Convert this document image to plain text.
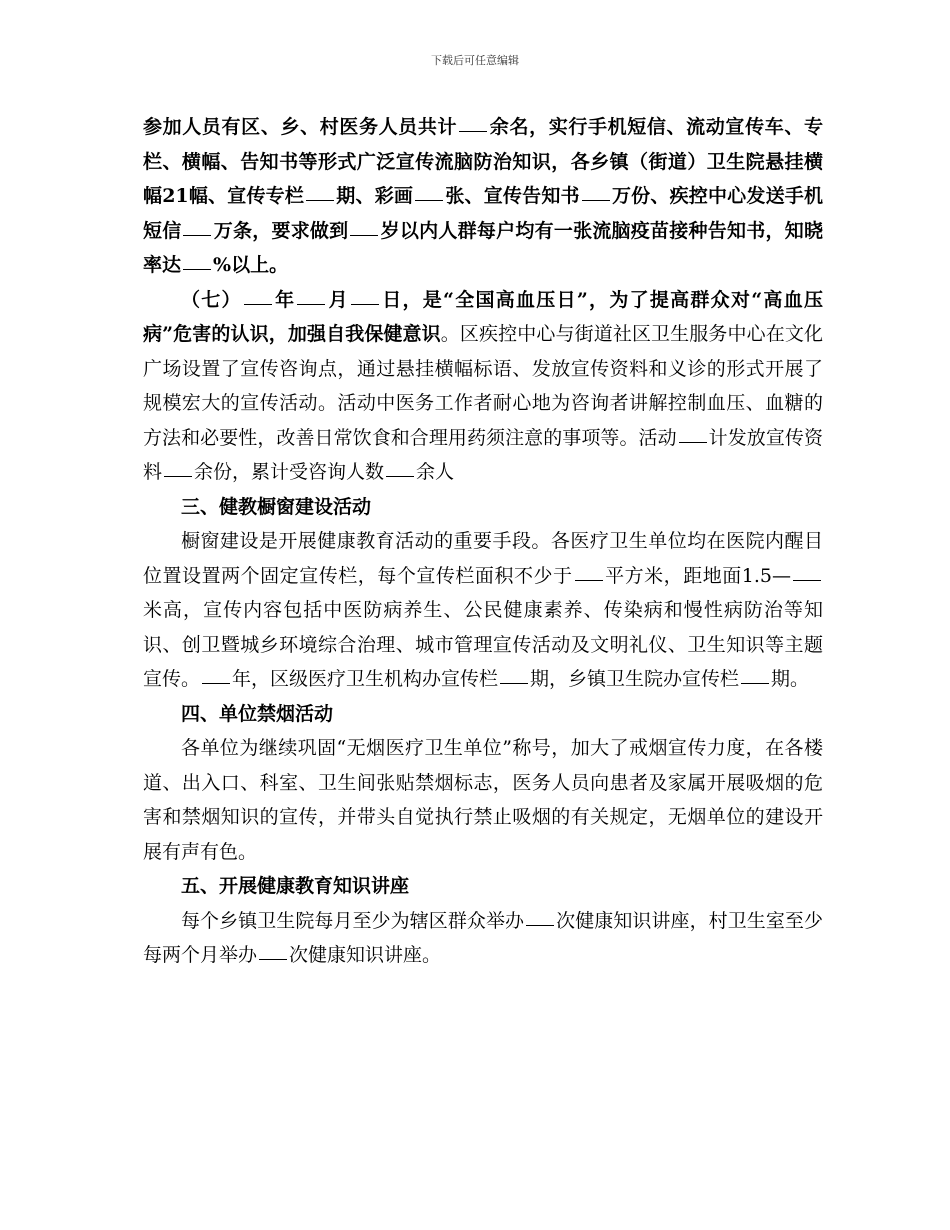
下载后可任意编辑

参加人员有区、乡、村医务人员共计 余名，实行手机短信、流动宣传车、专栏、横幅、告知书等形式广泛宣传流脑防治知识，各乡镇（街道）卫生院悬挂横幅21幅、宣传专栏 期、彩画 张、宣传告知书 万份、疾控中心发送手机短信 万条，要求做到 岁以内人群每户均有一张流脑疫苗接种告知书，知晓率达 %以上。

（七） 年 月 日，是“全国高血压日”，为了提高群众对“高血压病”危害的认识，加强自我保健意识。区疾控中心与街道社区卫生服务中心在文化广场设置了宣传咨询点，通过悬挂横幅标语、发放宣传资料和义诊的形式开展了规模宏大的宣传活动。活动中医务工作者耐心地为咨询者讲解控制血压、血糖的方法和必要性，改善日常饮食和合理用药须注意的事项等。活动 计发放宣传资料 余份，累计受咨询人数 余人

三、健教橱窗建设活动

橱窗建设是开展健康教育活动的重要手段。各医疗卫生单位均在医院内醒目位置设置两个固定宣传栏，每个宣传栏面积不少于 平方米，距地面1.5—米高，宣传内容包括中医防病养生、公民健康素养、传染病和慢性病防治等知识、创卫暨城乡环境综合治理、城市管理宣传活动及文明礼仪、卫生知识等主题宣传。 年，区级医疗卫生机构办宣传栏 期，乡镇卫生院办宣传栏 期。

四、单位禁烟活动

各单位为继续巩固“无烟医疗卫生单位”称号，加大了戒烟宣传力度，在各楼道、出入口、科室、卫生间张贴禁烟标志，医务人员向患者及家属开展吸烟的危害和禁烟知识的宣传，并带头自觉执行禁止吸烟的有关规定，无烟单位的建设开展有声有色。

五、开展健康教育知识讲座

每个乡镇卫生院每月至少为辖区群众举办 次健康知识讲座，村卫生室至少每两个月举办 次健康知识讲座。
